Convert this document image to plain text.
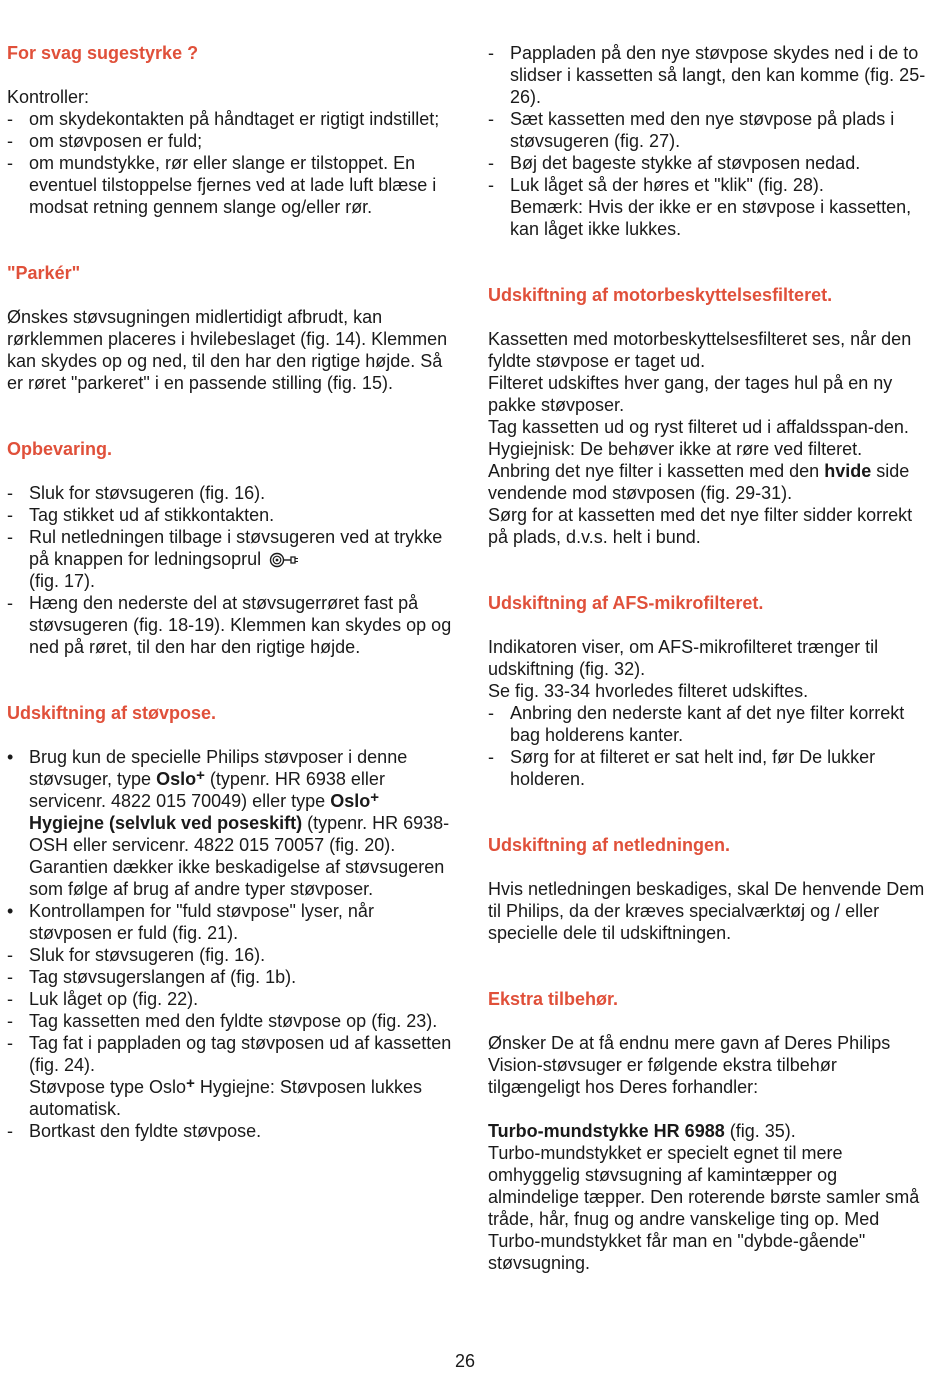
For svag sugestyrke ?

Kontroller:

- om skydekontakten på håndtaget er rigtigt indstillet;
- om støvposen er fuld;
- om mundstykke, rør eller slange er tilstoppet. En eventuel tilstoppelse fjernes ved at lade luft blæse i modsat retning gennem slange og/eller rør.
"Parkér"

Ønskes støvsugningen midlertidigt afbrudt, kan rørklemmen placeres i hvilebeslaget (fig. 14). Klemmen kan skydes op og ned, til den har den rigtige højde. Så er røret "parkeret" i en passende stilling (fig. 15).

Opbevaring.
- Sluk for støvsugeren (fig. 16).
- Tag stikket ud af stikkontakten.
- Rul netledningen tilbage i støvsugeren ved at trykke på knappen for ledningsoprul
(fig. 17).
- Hæng den nederste del at støvsugerrøret fast på støvsugeren (fig. 18-19). Klemmen kan skydes op og ned på røret, til den har den rigtige højde.
Udskiftning af støvpose.
• Brug kun de specielle Philips støvposer i denne støvsuger, type Oslo+ (typenr. HR 6938 eller servicenr. 4822 015 70049) eller type Oslo+
Hygiejne (selvluk ved poseskift) (typenr. HR 6938-OSH eller servicenr. 4822 015 70057 (fig. 20).
Garantien dækker ikke beskadigelse af støvsugeren som følge af brug af andre typer støvposer.
• Kontrollampen for "fuld støvpose" lyser, når støvposen er fuld (fig. 21).
- Sluk for støvsugeren (fig. 16).
- Tag støvsugerslangen af (fig. 1b).
- Luk låget op (fig. 22).
- Tag kassetten med den fyldte støvpose op (fig. 23).
- Tag fat i pappladen og tag støvposen ud af kassetten (fig. 24).
Støvpose type Oslo+ Hygiejne: Støvposen lukkes automatisk.
- Bortkast den fyldte støvpose.
- Pappladen på den nye støvpose skydes ned i de to slidser i kassetten så langt, den kan komme (fig. 25-26).
- Sæt kassetten med den nye støvpose på plads i støvsugeren (fig. 27).
- Bøj det bageste stykke af støvposen nedad.
- Luk låget så der høres et "klik" (fig. 28).

Bemærk: Hvis der ikke er en støvpose i kassetten, kan låget ikke lukkes.

Udskiftning af motorbeskyttelsesfilteret.

Kassetten med motorbeskyttelsesfilteret ses, når den fyldte støvpose er taget ud.

Filteret udskiftes hver gang, der tages hul på en ny pakke støvposer.

Tag kassetten ud og ryst filteret ud i affaldsspan-den. Hygiejnisk: De behøver ikke at røre ved filteret.

Anbring det nye filter i kassetten med den hvide side vendende mod støvposen (fig. 29-31).

Sørg for at kassetten med det nye filter sidder korrekt på plads, d.v.s. helt i bund.

Udskiftning af AFS-mikrofilteret.

Indikatoren viser, om AFS-mikrofilteret trænger til udskiftning (fig. 32).

Se fig. 33-34 hvorledes filteret udskiftes.

- Anbring den nederste kant af det nye filter korrekt bag holderens kanter.
- Sørg for at filteret er sat helt ind, før De lukker holderen.
Udskiftning af netledningen.

Hvis netledningen beskadiges, skal De henvende Dem til Philips, da der kræves specialværktøj og / eller specielle dele til udskiftningen.

Ekstra tilbehør.

Ønsker De at få endnu mere gavn af Deres Philips Vision-støvsuger er følgende ekstra tilbehør tilgængeligt hos Deres forhandler:

Turbo-mundstykke HR 6988 (fig. 35).

Turbo-mundstykket er specielt egnet til mere omhyggelig støvsugning af kamintæpper og almindelige tæpper. Den roterende børste samler små tråde, hår, fnug og andre vanskelige ting op. Med Turbo-mundstykket får man en "dybde-gående" støvsugning.

26
